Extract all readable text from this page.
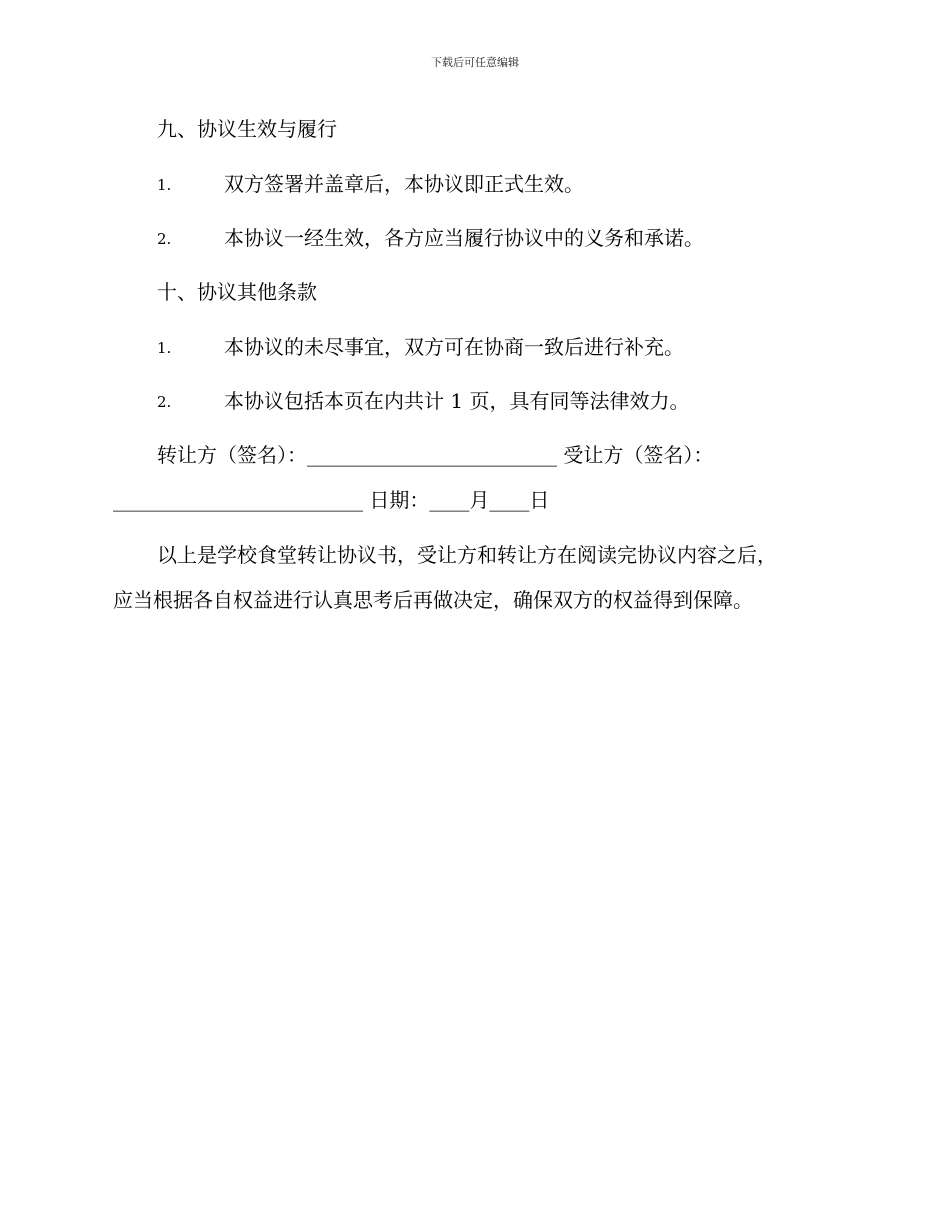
下载后可任意编辑
九、协议生效与履行
1.	双方签署并盖章后，本协议即正式生效。
2.	本协议一经生效，各方应当履行协议中的义务和承诺。
十、协议其他条款
1.	本协议的未尽事宜，双方可在协商一致后进行补充。
2.	本协议包括本页在内共计 1 页，具有同等法律效力。
转让方（签名）：_________________________ 受让方（签名）：
_________________________ 日期：____月____日
以上是学校食堂转让协议书，受让方和转让方在阅读完协议内容之后，
应当根据各自权益进行认真思考后再做决定，确保双方的权益得到保障。
